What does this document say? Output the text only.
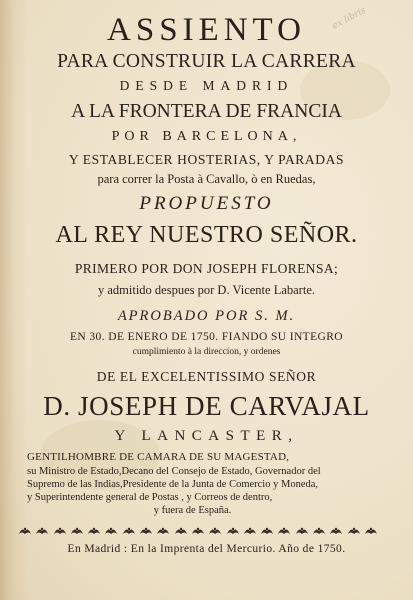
ex libris
ASSIENTO
PARA CONSTRUIR LA CARRERA
DESDE MADRID
A LA FRONTERA DE FRANCIA
POR BARCELONA,
Y ESTABLECER HOSTERIAS, Y PARADAS
para correr la Posta à Cavallo, ò en Ruedas,
PROPUESTO
AL REY NUESTRO SEÑOR.
PRIMERO POR DON JOSEPH FLORENSA;
y admitido despues por D. Vicente Labarte.
APROBADO POR S. M.
EN 30. DE ENERO DE 1750. FIANDO SU INTEGRO
cumplimiento à la direccion, y ordenes
DE EL EXCELENTISSIMO SEÑOR
D. JOSEPH DE CARVAJAL
Y LANCASTER,
GENTILHOMBRE DE CAMARA DE SU MAGESTAD,
su Ministro de Estado,Decano del Consejo de Estado, Governador del
Supremo de las Indias,Presidente de la Junta de Comercio y Moneda,
y Superintendente general de Postas , y Correos de dentro,
y fuera de España.
En Madrid : En la Imprenta del Mercurio. Año de 1750.
